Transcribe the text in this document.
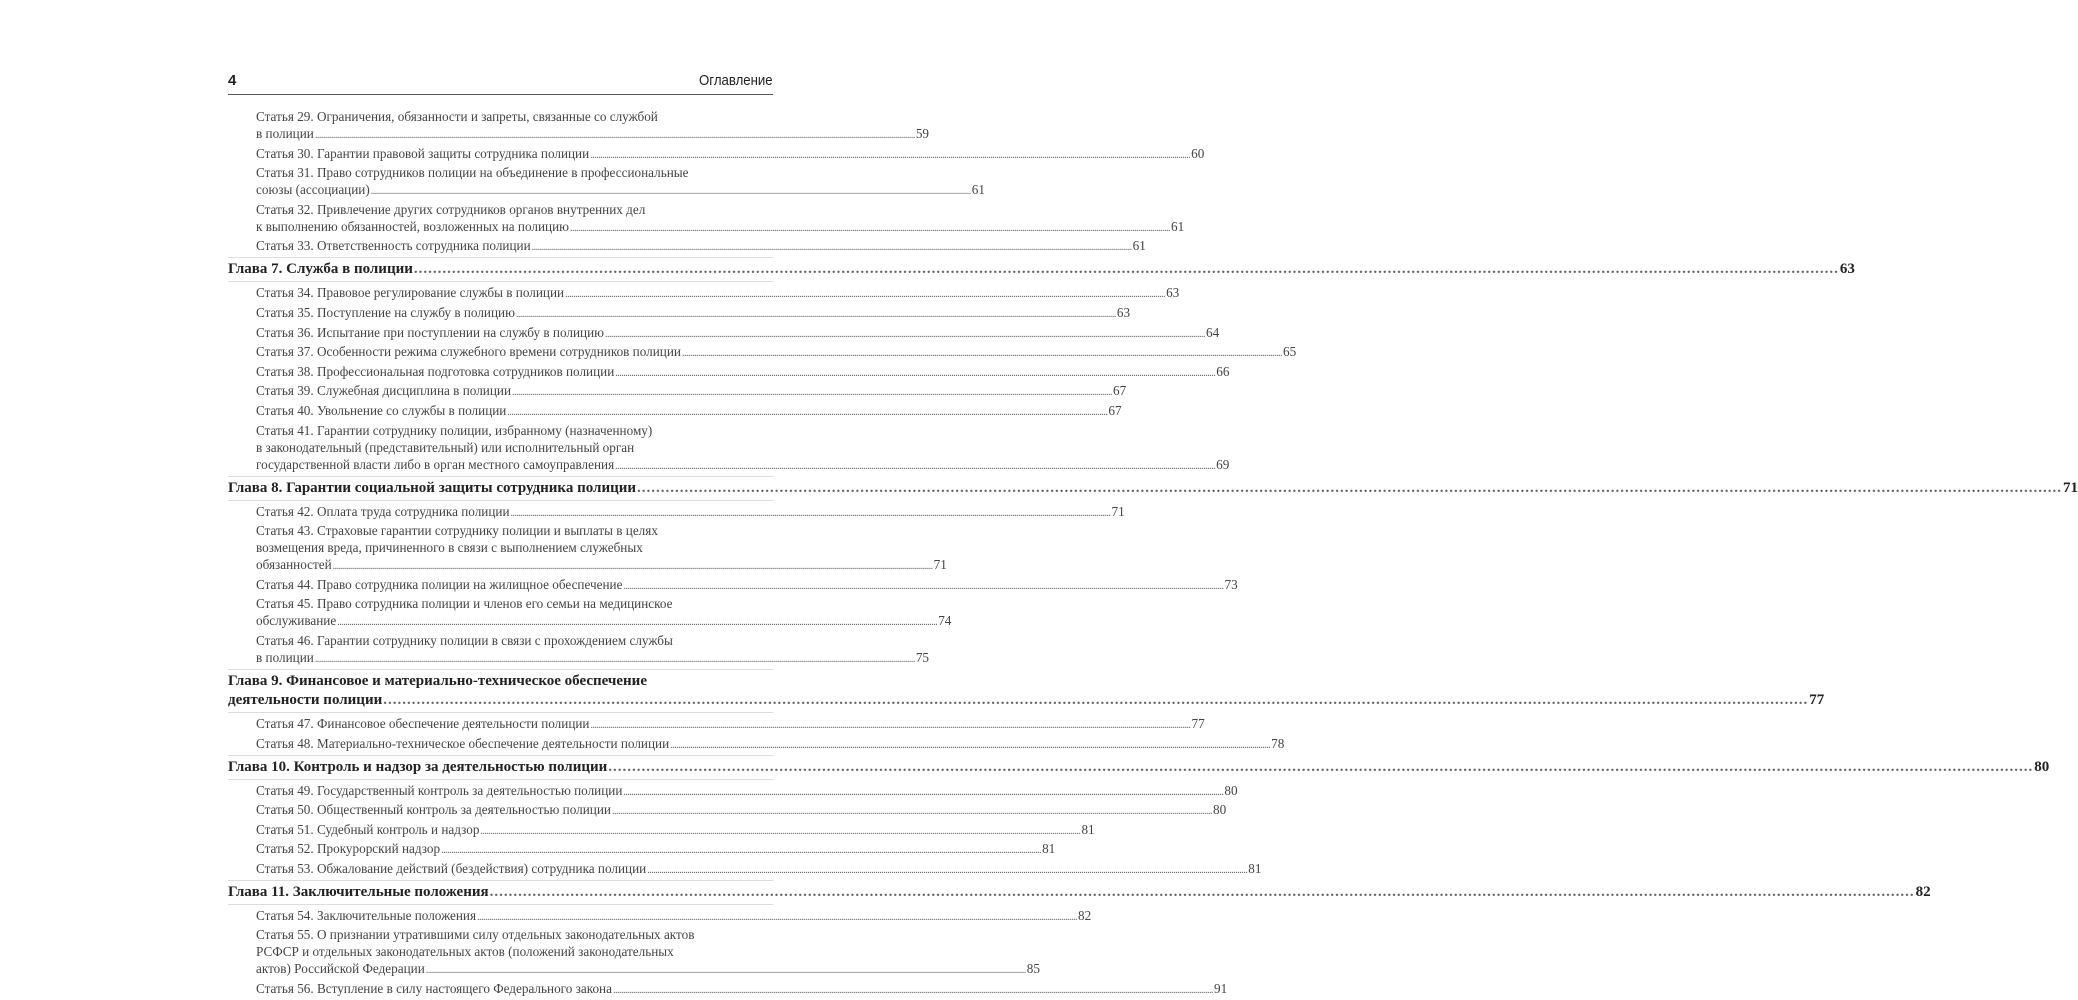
4	Оглавление
Статья 29. Ограничения, обязанности и запреты, связанные со службой
в полиции ............................................................................................................................................................................................................................................................................................................ 59
Статья 30. Гарантии правовой защиты сотрудника полиции ............................................................................................................................................................................................................................................................................................................ 60
Статья 31. Право сотрудников полиции на объединение в профессиональные
союзы (ассоциации) ............................................................................................................................................................................................................................................................................................................ 61
Статья 32. Привлечение других сотрудников органов внутренних дел
к выполнению обязанностей, возложенных на полицию ............................................................................................................................................................................................................................................................................................................ 61
Статья 33. Ответственность сотрудника полиции ............................................................................................................................................................................................................................................................................................................ 61
Глава 7. Служба в полиции ............................................................................................................................................................................................................................................................................................................ 63
Статья 34. Правовое регулирование службы в полиции ............................................................................................................................................................................................................................................................................................................ 63
Статья 35. Поступление на службу в полицию ............................................................................................................................................................................................................................................................................................................ 63
Статья 36. Испытание при поступлении на службу в полицию ............................................................................................................................................................................................................................................................................................................ 64
Статья 37. Особенности режима служебного времени сотрудников полиции ............................................................................................................................................................................................................................................................................................................ 65
Статья 38. Профессиональная подготовка сотрудников полиции ............................................................................................................................................................................................................................................................................................................ 66
Статья 39. Служебная дисциплина в полиции ............................................................................................................................................................................................................................................................................................................ 67
Статья 40. Увольнение со службы в полиции ............................................................................................................................................................................................................................................................................................................ 67
Статья 41. Гарантии сотруднику полиции, избранному (назначенному)
в законодательный (представительный) или исполнительный орган
государственной власти либо в орган местного самоуправления ............................................................................................................................................................................................................................................................................................................ 69
Глава 8. Гарантии социальной защиты сотрудника полиции ............................................................................................................................................................................................................................................................................................................ 71
Статья 42. Оплата труда сотрудника полиции ............................................................................................................................................................................................................................................................................................................ 71
Статья 43. Страховые гарантии сотруднику полиции и выплаты в целях
возмещения вреда, причиненного в связи с выполнением служебных
обязанностей ............................................................................................................................................................................................................................................................................................................ 71
Статья 44. Право сотрудника полиции на жилищное обеспечение ............................................................................................................................................................................................................................................................................................................ 73
Статья 45. Право сотрудника полиции и членов его семьи на медицинское
обслуживание ............................................................................................................................................................................................................................................................................................................ 74
Статья 46. Гарантии сотруднику полиции в связи с прохождением службы
в полиции ............................................................................................................................................................................................................................................................................................................ 75
Глава 9. Финансовое и материально-техническое обеспечение
деятельности полиции ............................................................................................................................................................................................................................................................................................................ 77
Статья 47. Финансовое обеспечение деятельности полиции ............................................................................................................................................................................................................................................................................................................ 77
Статья 48. Материально-техническое обеспечение деятельности полиции ............................................................................................................................................................................................................................................................................................................ 78
Глава 10. Контроль и надзор за деятельностью полиции ............................................................................................................................................................................................................................................................................................................ 80
Статья 49. Государственный контроль за деятельностью полиции ............................................................................................................................................................................................................................................................................................................ 80
Статья 50. Общественный контроль за деятельностью полиции ............................................................................................................................................................................................................................................................................................................ 80
Статья 51. Судебный контроль и надзор ............................................................................................................................................................................................................................................................................................................ 81
Статья 52. Прокурорский надзор ............................................................................................................................................................................................................................................................................................................ 81
Статья 53. Обжалование действий (бездействия) сотрудника полиции ............................................................................................................................................................................................................................................................................................................ 81
Глава 11. Заключительные положения ............................................................................................................................................................................................................................................................................................................ 82
Статья 54. Заключительные положения ............................................................................................................................................................................................................................................................................................................ 82
Статья 55. О признании утратившими силу отдельных законодательных актов
РСФСР и отдельных законодательных актов (положений законодательных
актов) Российской Федерации ............................................................................................................................................................................................................................................................................................................ 85
Статья 56. Вступление в силу настоящего Федерального закона ............................................................................................................................................................................................................................................................................................................ 91
